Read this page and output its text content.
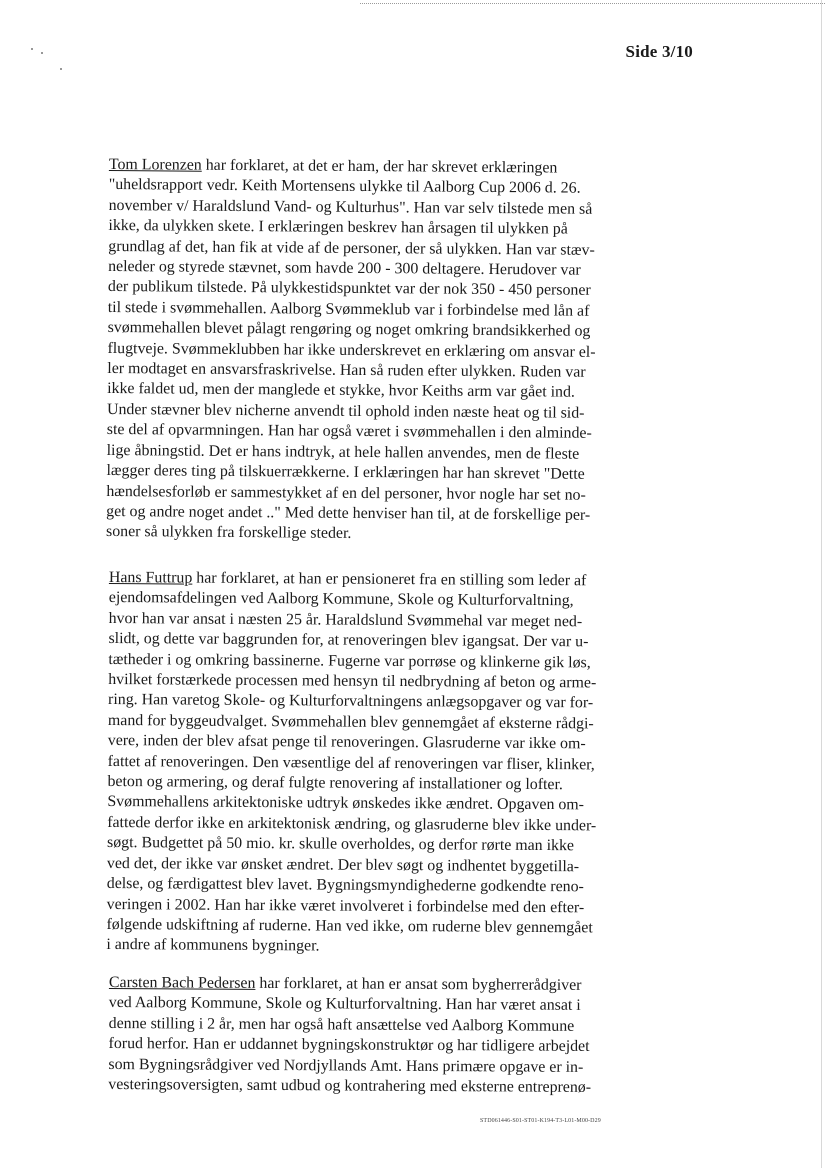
Side 3/10
Tom Lorenzen har forklaret, at det er ham, der har skrevet erklæringen
"uheldsrapport vedr. Keith Mortensens ulykke til Aalborg Cup 2006 d. 26.
november v/ Haraldslund Vand- og Kulturhus". Han var selv tilstede men så
ikke, da ulykken skete. I erklæringen beskrev han årsagen til ulykken på
grundlag af det, han fik at vide af de personer, der så ulykken. Han var stæv-
neleder og styrede stævnet, som havde 200 - 300 deltagere. Herudover var
der publikum tilstede. På ulykkestidspunktet var der nok 350 - 450 personer
til stede i svømmehallen. Aalborg Svømmeklub var i forbindelse med lån af
svømmehallen blevet pålagt rengøring og noget omkring brandsikkerhed og
flugtveje. Svømmeklubben har ikke underskrevet en erklæring om ansvar el-
ler modtaget en ansvarsfraskrivelse. Han så ruden efter ulykken. Ruden var
ikke faldet ud, men der manglede et stykke, hvor Keiths arm var gået ind.
Under stævner blev nicherne anvendt til ophold inden næste heat og til sid-
ste del af opvarmningen. Han har også været i svømmehallen i den alminde-
lige åbningstid. Det er hans indtryk, at hele hallen anvendes, men de fleste
lægger deres ting på tilskuerrækkerne. I erklæringen har han skrevet "Dette
hændelsesforløb er sammestykket af en del personer, hvor nogle har set no-
get og andre noget andet .." Med dette henviser han til, at de forskellige per-
soner så ulykken fra forskellige steder.
Hans Futtrup har forklaret, at han er pensioneret fra en stilling som leder af
ejendomsafdelingen ved Aalborg Kommune, Skole og Kulturforvaltning,
hvor han var ansat i næsten 25 år. Haraldslund Svømmehal var meget ned-
slidt, og dette var baggrunden for, at renoveringen blev igangsat. Der var u-
tætheder i og omkring bassinerne. Fugerne var porrøse og klinkerne gik løs,
hvilket forstærkede processen med hensyn til nedbrydning af beton og arme-
ring. Han varetog Skole- og Kulturforvaltningens anlægsopgaver og var for-
mand for byggeudvalget. Svømmehallen blev gennemgået af eksterne rådgi-
vere, inden der blev afsat penge til renoveringen. Glasruderne var ikke om-
fattet af renoveringen. Den væsentlige del af renoveringen var fliser, klinker,
beton og armering, og deraf fulgte renovering af installationer og lofter.
Svømmehallens arkitektoniske udtryk ønskedes ikke ændret. Opgaven om-
fattede derfor ikke en arkitektonisk ændring, og glasruderne blev ikke under-
søgt. Budgettet på 50 mio. kr. skulle overholdes, og derfor rørte man ikke
ved det, der ikke var ønsket ændret. Der blev søgt og indhentet byggetilla-
delse, og færdigattest blev lavet. Bygningsmyndighederne godkendte reno-
veringen i 2002. Han har ikke været involveret i forbindelse med den efter-
følgende udskiftning af ruderne. Han ved ikke, om ruderne blev gennemgået
i andre af kommunens bygninger.
Carsten Bach Pedersen har forklaret, at han er ansat som bygherrerådgiver
ved Aalborg Kommune, Skole og Kulturforvaltning. Han har været ansat i
denne stilling i 2 år, men har også haft ansættelse ved Aalborg Kommune
forud herfor. Han er uddannet bygningskonstruktør og har tidligere arbejdet
som Bygningsrådgiver ved Nordjyllands Amt. Hans primære opgave er in-
vesteringsoversigten, samt udbud og kontrahering med eksterne entreprenø-
STD061446-S01-ST01-K194-T3-L01-M00-D29
